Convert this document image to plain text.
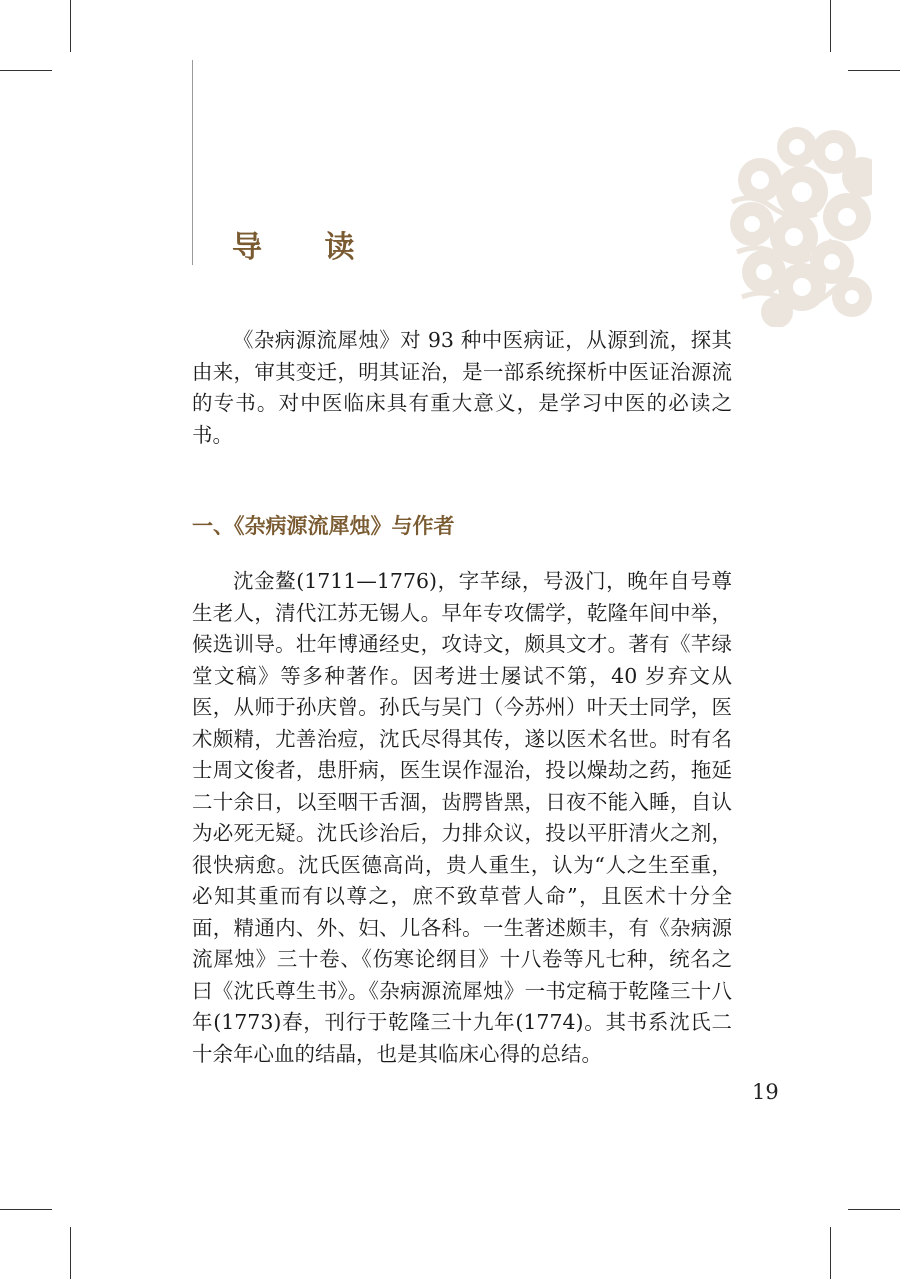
导 读
《杂病源流犀烛》对 93 种中医病证，从源到流，探其由来，审其变迁，明其证治，是一部系统探析中医证治源流的专书。对中医临床具有重大意义，是学习中医的必读之书。
一、《杂病源流犀烛》与作者
沈金鳌(1711—1776)，字芊绿，号汲门，晚年自号尊生老人，清代江苏无锡人。早年专攻儒学，乾隆年间中举，候选训导。壮年博通经史，攻诗文，颇具文才。著有《芊绿堂文稿》等多种著作。因考进士屡试不第，40 岁弃文从医，从师于孙庆曾。孙氏与吴门（今苏州）叶天士同学，医术颇精，尤善治痘，沈氏尽得其传，遂以医术名世。时有名士周文俊者，患肝病，医生误作湿治，投以燥劫之药，拖延二十余日，以至咽干舌涸，齿腭皆黑，日夜不能入睡，自认为必死无疑。沈氏诊治后，力排众议，投以平肝清火之剂，很快病愈。沈氏医德高尚，贵人重生，认为“人之生至重，必知其重而有以尊之，庶不致草菅人命”，且医术十分全面，精通内、外、妇、儿各科。一生著述颇丰，有《杂病源流犀烛》三十卷、《伤寒论纲目》十八卷等凡七种，统名之曰《沈氏尊生书》。《杂病源流犀烛》一书定稿于乾隆三十八年(1773)春，刊行于乾隆三十九年(1774)。其书系沈氏二十余年心血的结晶，也是其临床心得的总结。
19
